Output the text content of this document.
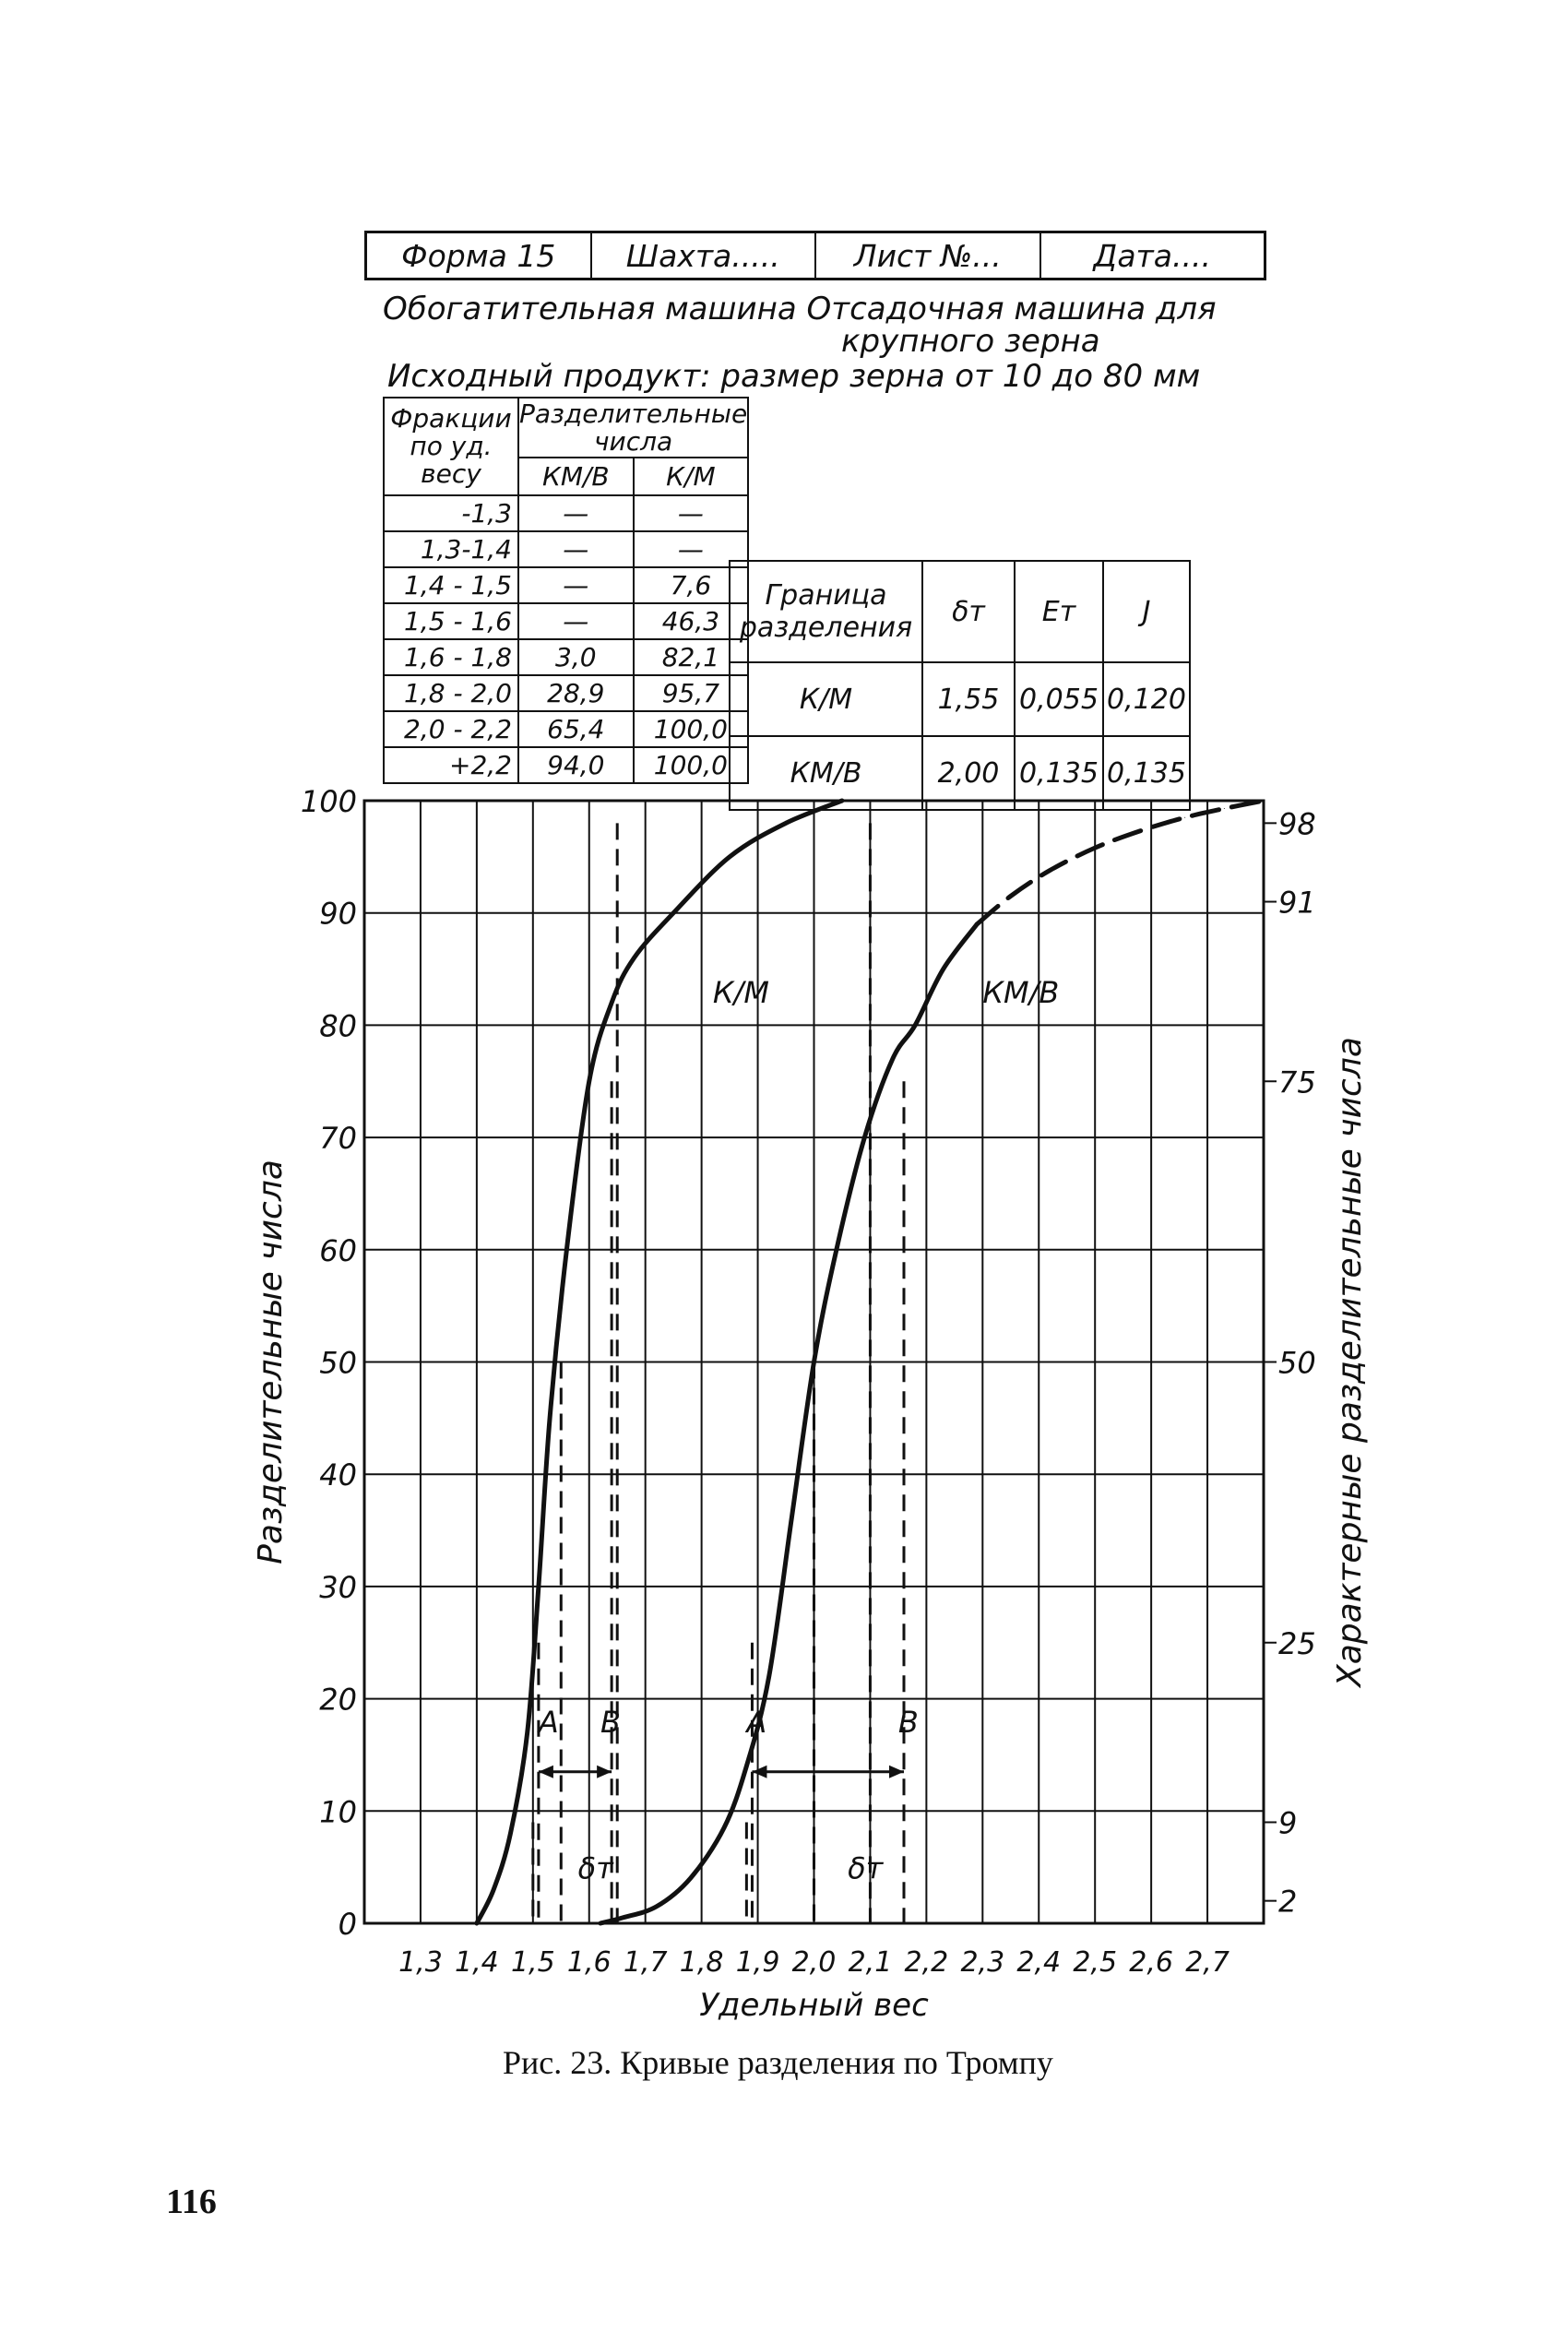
Форма 15	Шахта.....	Лист №...	Дата....
Обогатительная машина Отсадочная машина для
крупного зерна
Исходный продукт: размер зерна от 10 до 80 мм
Фракции по уд. весу	Разделительные числа	
	КМ/В	К/М
-1,3	—	—
1,3-1,4	—	—
1,4 - 1,5	—	7,6
1,5 - 1,6	—	46,3
1,6 - 1,8	3,0	82,1
1,8 - 2,0	28,9	95,7
2,0 - 2,2	65,4	100,0
+2,2	94,0	100,0
Граница разделения	δт	Ет	J
К/М	1,55	0,055	0,120
КМ/В	2,00	0,135	0,135
0
10
20
30
40
50
60
70
80
90
100
2
9
25
50
75
91
98
1,3 1,4 1,5 1,6 1,7 1,8 1,9 2,0 2,1 2,2 2,3 2,4 2,5 2,6 2,7
Удельный вес
Разделительные числа	Характерные разделительные числа
К/М	КМ/В
A B	A	B
δт	δт
Рис. 23. Кривые разделения по Тромпу
116
